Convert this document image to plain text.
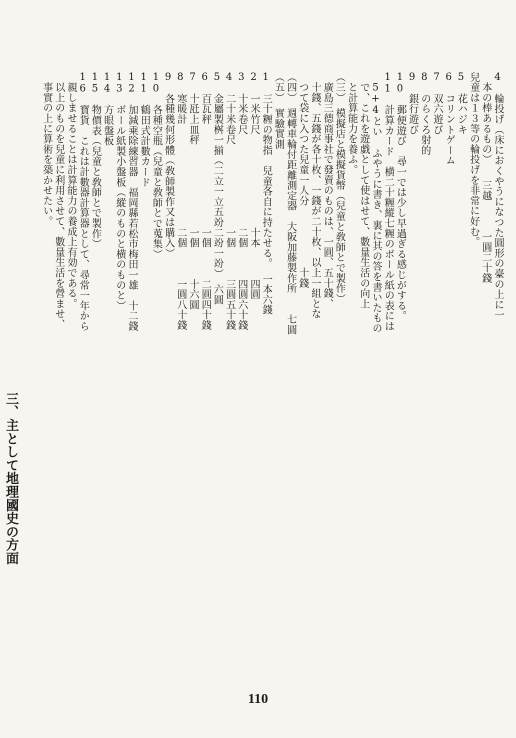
110
4　輪投げ（床におくやうになつた圓形の臺の上に一
　本の棒あるもの）　　三越　　　一圓二十錢
兒童は１３等の輪投げを非常に好む。
5　花ハジキ
6　コリントゲーム
7　双六遊び
8　のらくろ射的
9　銀行遊び
10　郵便遊び　尋一では少し早過ぎる感じがする。
11　計算カード　横二十糎縱七糎のボール紙の表には
　5+4とい ふやうに書き、裏に其の答を書いたもの
　で、これを遊戯として使はせて、數量生活の向上
　と計算能力を養ふ。
（三）　模擬店と模擬貨幣（兒童と敎師とで製作）
　廣島三德商事社で發賣のものは、一圓、五十錢、
　十錢、五錢が各十枚、一錢が二十枚、以上一組とな
　つて袋に入つた兒童一人分　　　　　　十錢
（四）　週轉車輪付距離測定器　大阪加藤製作所　　七圓
（五）　實驗實測
1　三十糎の物指　兒童各自に持たせる。　一本六錢
2　一米竹尺　　　　　　　　　十本　　　四圓
3　十米卷尺　　　　　　　　　二個　　　四圓六十錢
4　二十米卷尺　　　　　　　　一個　　　三圓五十錢
5　金屬製桝一揃（二立一立五竕二竕一竕）　六圓
6　百瓦秤　　　　　　　　　　一個　　　二圓四十錢
7　十瓩上皿秤　　　　　　　　一個　　　十六圓
8　寒暖計　　　　　　　　　　二個　　　一圓八十錢
9　各種幾何形體（敎師製作又は購入）
10　各種空瓶（兒童と敎師とで蒐集）
11　鶴田式計數カード
12　加減乘除練習器　福岡縣若松市梅田一雄　十二錢
13　ボール紙製小盤板（縱のものと横のものと）
14　方眼盤板
15　物價表（兒童と敎師とで製作）
16　寶貨　これは計數器計算器として、尋常一年から
　親しませることは計算能力の養成上有効である。
　以上のものを兒童に利用させて、數量生活を營ませ、
　事實の上に算術を築かせたい。
三、主として地理國史の方面
